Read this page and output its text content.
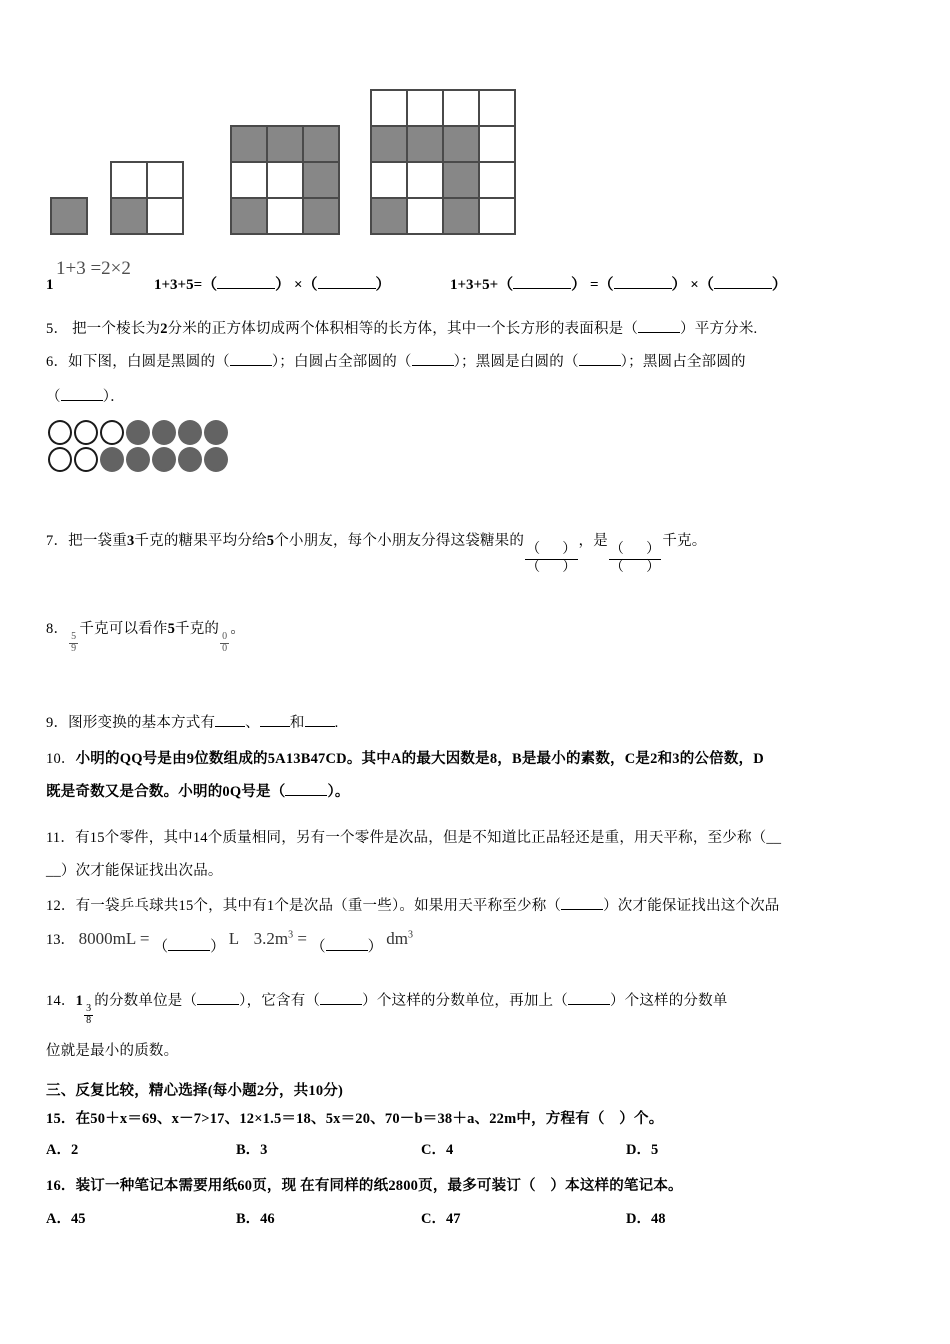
1
1+3 =2×2
1+3+5=（	） ×（	）	1+3+5+（	） =（	） ×（	）
5． 把一个棱长为2分米的正方体切成两个体积相等的长方体，其中一个长方形的表面积是（	）平方分米.
6．如下图，白圆是黑圆的（	）；白圆占全部圆的（	）；黑圆是白圆的（	）；黑圆占全部圆的
（	）．
7．把一袋重3千克的糖果平均分给5个小朋友，每个小朋友分得这袋糖果的
$\frac{( )}{( )}$
，是
$\frac{( )}{( )}$
千克。
8．
$\frac{5}{9}$
千克可以看作5千克的
$\frac{0}{0}$
。
9．图形变换的基本方式有 、 和 .
10．小明的QQ号是由9位数组成的5A13B47CD。其中A的最大因数是8，B是最小的素数，C是2和3的公倍数，D
既是奇数又是合数。小明的0Q号是（	）。
11．有15个零件，其中14个质量相同，另有一个零件是次品，但是不知道比正品轻还是重，用天平称，至少称（__
__）次才能保证找出次品。
12．有一袋乒乓球共15个，其中有1个是次品（重一些）。如果用天平称至少称（	）次才能保证找出这个次品
13． 8000mL = （	） L $3.2m^3$ = （	） $dm^3$
14．1
$\frac{3}{8}$
的分数单位是（	），它含有（	）个这样的分数单位，再加上（	）个这样的分数单
位就是最小的质数。
三、反复比较，精心选择(每小题2分，共10分)
15．在50＋x＝69、x－7>17、12×1.5＝18、5x＝20、70－b＝38＋a、22m中，方程有（　）个。
A．2	B．3	C．4	D．5
16．装订一种笔记本需要用纸60页，现 在有同样的纸2800页，最多可装订（　）本这样的笔记本。
A．45	B．46	C．47	D．48
